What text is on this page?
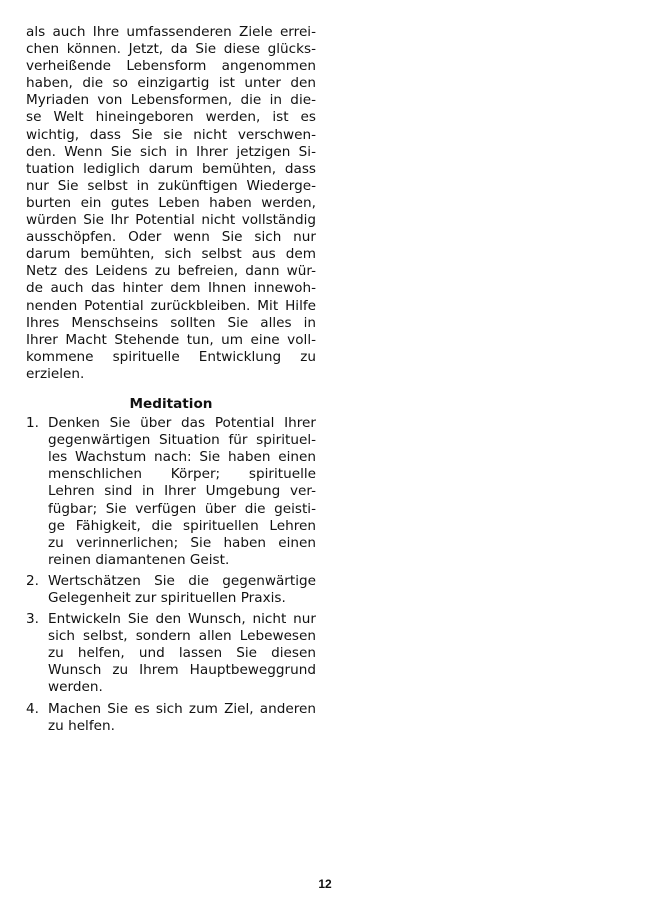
als auch Ihre umfassenderen Ziele errei-
chen können. Jetzt, da Sie diese glücks-
verheißende Lebensform angenommen
haben, die so einzigartig ist unter den
Myriaden von Lebensformen, die in die-
se Welt hineingeboren werden, ist es
wichtig, dass Sie sie nicht verschwen-
den. Wenn Sie sich in Ihrer jetzigen Si-
tuation lediglich darum bemühten, dass
nur Sie selbst in zukünftigen Wiederge-
burten ein gutes Leben haben werden,
würden Sie Ihr Potential nicht vollständig
ausschöpfen. Oder wenn Sie sich nur
darum bemühten, sich selbst aus dem
Netz des Leidens zu befreien, dann wür-
de auch das hinter dem Ihnen innewoh-
nenden Potential zurückbleiben. Mit Hilfe
Ihres Menschseins sollten Sie alles in
Ihrer Macht Stehende tun, um eine voll-
kommene spirituelle Entwicklung zu
erzielen.
Meditation
1. Denken Sie über das Potential Ihrer
gegenwärtigen Situation für spirituel-
les Wachstum nach: Sie haben einen
menschlichen Körper; spirituelle
Lehren sind in Ihrer Umgebung ver-
fügbar; Sie verfügen über die geisti-
ge Fähigkeit, die spirituellen Lehren
zu verinnerlichen; Sie haben einen
reinen diamantenen Geist.
2. Wertschätzen Sie die gegenwärtige
Gelegenheit zur spirituellen Praxis.
3. Entwickeln Sie den Wunsch, nicht nur
sich selbst, sondern allen Lebewesen
zu helfen, und lassen Sie diesen
Wunsch zu Ihrem Hauptbeweggrund
werden.
4. Machen Sie es sich zum Ziel, anderen
zu helfen.
12
